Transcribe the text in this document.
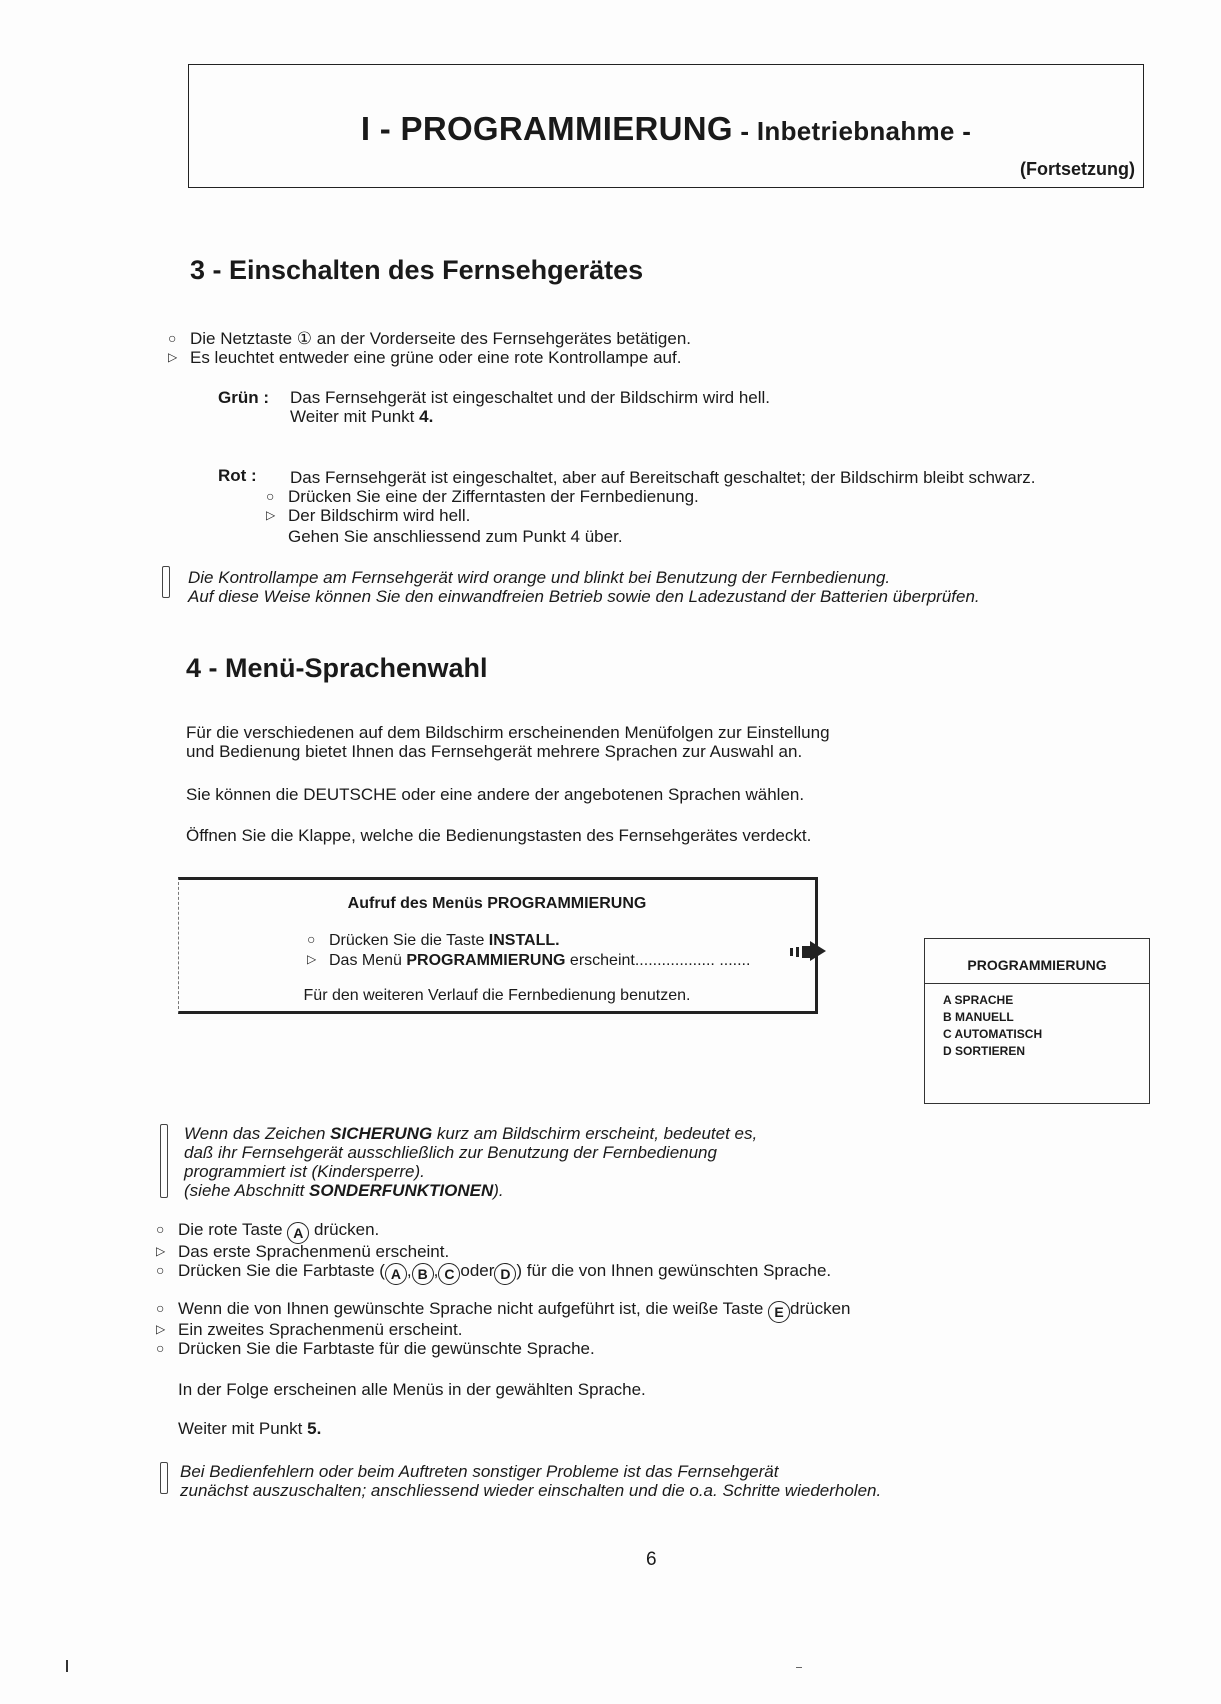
I - PROGRAMMIERUNG - Inbetriebnahme -
(Fortsetzung)
3 - Einschalten des Fernsehgerätes
○ Die Netztaste ① an der Vorderseite des Fernsehgerätes betätigen.
▷ Es leuchtet entweder eine grüne oder eine rote Kontrollampe auf.
Grün : Das Fernsehgerät ist eingeschaltet und der Bildschirm wird hell.
Weiter mit Punkt 4.
Rot : Das Fernsehgerät ist eingeschaltet, aber auf Bereitschaft geschaltet; der Bildschirm bleibt schwarz.
○ Drücken Sie eine der Zifferntasten der Fernbedienung.
▷ Der Bildschirm wird hell.
Gehen Sie anschliessend zum Punkt 4 über.
Die Kontrollampe am Fernsehgerät wird orange und blinkt bei Benutzung der Fernbedienung.
Auf diese Weise können Sie den einwandfreien Betrieb sowie den Ladezustand der Batterien überprüfen.
4 - Menü-Sprachenwahl
Für die verschiedenen auf dem Bildschirm erscheinenden Menüfolgen zur Einstellung
und Bedienung bietet Ihnen das Fernsehgerät mehrere Sprachen zur Auswahl an.
Sie können die DEUTSCHE oder eine andere der angebotenen Sprachen wählen.
Öffnen Sie die Klappe, welche die Bedienungstasten des Fernsehgerätes verdeckt.
Aufruf des Menüs PROGRAMMIERUNG
○ Drücken Sie die Taste INSTALL.
▷ Das Menü PROGRAMMIERUNG erscheint.................. .......
Für den weiteren Verlauf die Fernbedienung benutzen.
PROGRAMMIERUNG
A SPRACHE
B MANUELL
C AUTOMATISCH
D SORTIEREN
Wenn das Zeichen SICHERUNG kurz am Bildschirm erscheint, bedeutet es,
daß ihr Fernsehgerät ausschließlich zur Benutzung der Fernbedienung
programmiert ist (Kindersperre).
(siehe Abschnitt SONDERFUNKTIONEN).
○ Die rote Taste A drücken.
▷ Das erste Sprachenmenü erscheint.
○ Drücken Sie die Farbtaste ( A , B , C oder D ) für die von Ihnen gewünschten Sprache.
○ Wenn die von Ihnen gewünschte Sprache nicht aufgeführt ist, die weiße Taste E drücken
▷ Ein zweites Sprachenmenü erscheint.
○ Drücken Sie die Farbtaste für die gewünschte Sprache.
In der Folge erscheinen alle Menüs in der gewählten Sprache.
Weiter mit Punkt 5.
Bei Bedienfehlern oder beim Auftreten sonstiger Probleme ist das Fernsehgerät
zunächst auszuschalten; anschliessend wieder einschalten und die o.a. Schritte wiederholen.
6
